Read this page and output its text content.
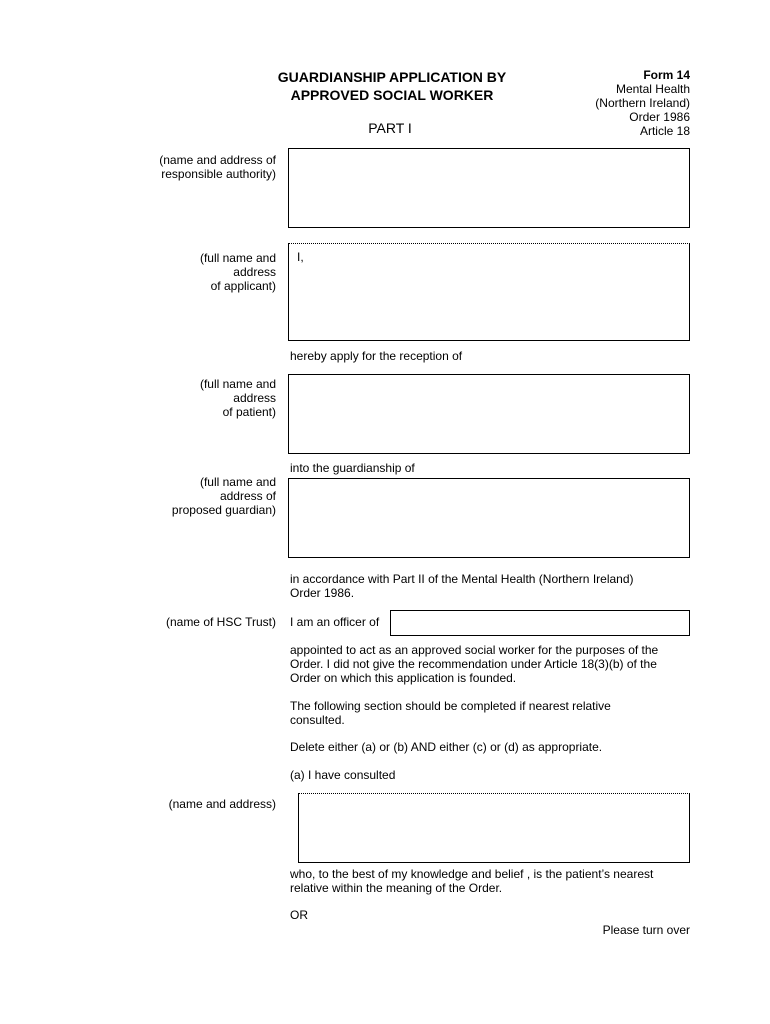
GUARDIANSHIP APPLICATION BY
APPROVED SOCIAL WORKER
PART I
Form 14
Mental Health
(Northern Ireland)
Order 1986
Article 18
(name and address of
responsible authority)
(full name and
address
of applicant)
I,
hereby apply for the reception of
(full name and
address
of patient)
into the guardianship of
(full name and
address of
proposed guardian)
in accordance with Part II of the Mental Health (Northern Ireland)
Order 1986.
(name of HSC Trust) I am an officer of
appointed to act as an approved social worker for the purposes of the
Order. I did not give the recommendation under Article 18(3)(b) of the
Order on which this application is founded.
The following section should be completed if nearest relative
consulted.
Delete either (a) or (b) AND either (c) or (d) as appropriate.
(a) I have consulted
(name and address)
who, to the best of my knowledge and belief , is the patient’s nearest
relative within the meaning of the Order.
OR
Please turn over
